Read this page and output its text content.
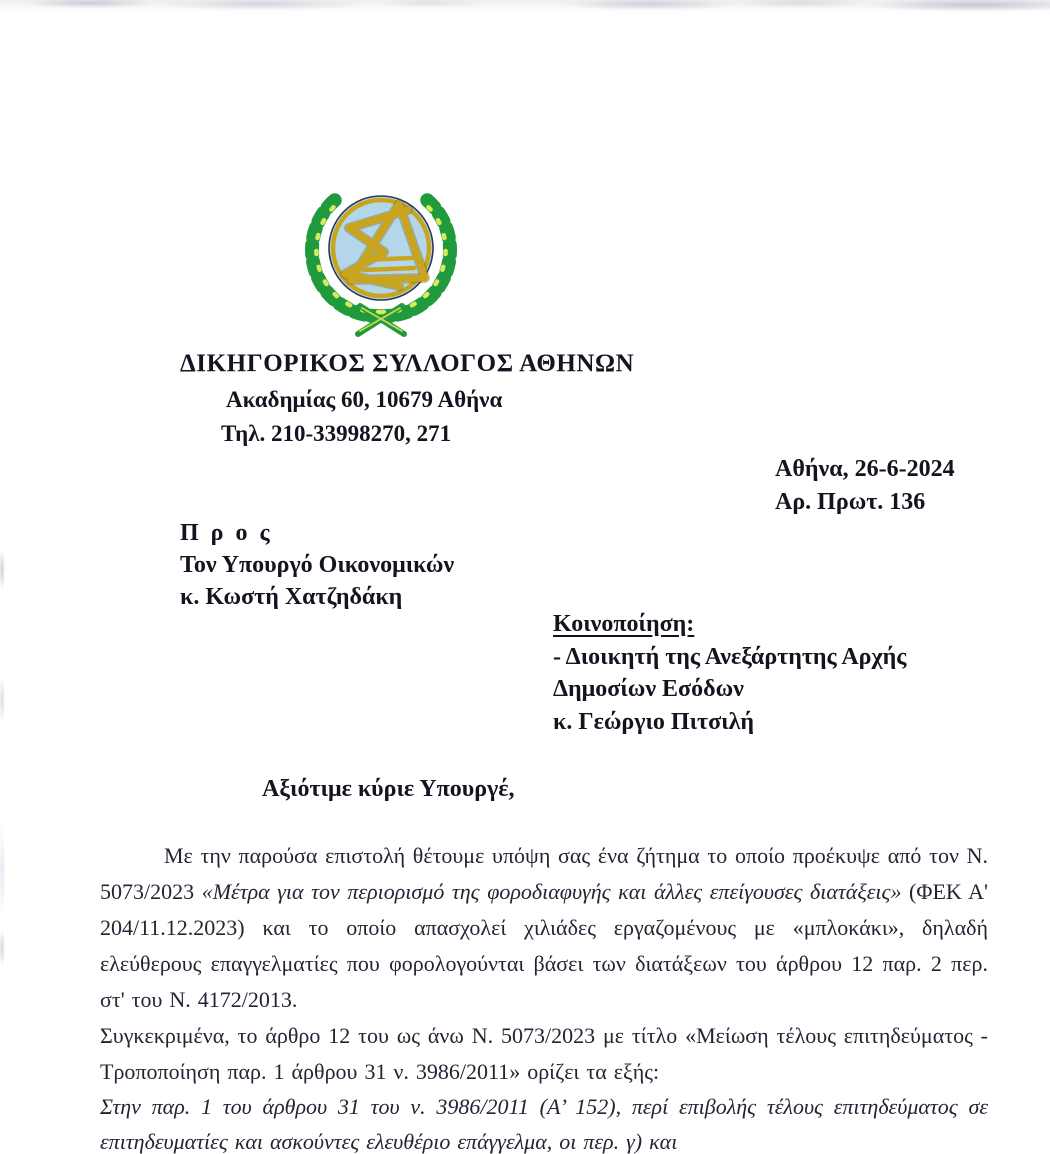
ΔΙΚΗΓΟΡΙΚΟΣ ΣΥΛΛΟΓΟΣ ΑΘΗΝΩΝ
Ακαδημίας 60, 10679 Αθήνα
Τηλ. 210-33998270, 271
Αθήνα, 26-6-2024
Αρ. Πρωτ. 136
Π ρ ο ς
Τον Υπουργό Οικονομικών
κ. Κωστή Χατζηδάκη
Κοινοποίηση:
- Διοικητή της Ανεξάρτητης Αρχής
Δημοσίων Εσόδων
κ. Γεώργιο Πιτσιλή
Αξιότιμε κύριε Υπουργέ,

Με την παρούσα επιστολή θέτουμε υπόψη σας ένα ζήτημα το οποίο προέκυψε από τον Ν. 5073/2023 «Μέτρα για τον περιορισμό της φοροδιαφυγής και άλλες επείγουσες διατάξεις» (ΦΕΚ Α' 204/11.12.2023) και το οποίο απασχολεί χιλιάδες εργαζομένους με «μπλοκάκι», δηλαδή ελεύθερους επαγγελματίες που φορολογούνται βάσει των διατάξεων του άρθρου 12 παρ. 2 περ. στ' του Ν. 4172/2013.

Συγκεκριμένα, το άρθρο 12 του ως άνω Ν. 5073/2023 με τίτλο «Μείωση τέλους επιτηδεύματος - Τροποποίηση παρ. 1 άρθρου 31 ν. 3986/2011» ορίζει τα εξής:

Στην παρ. 1 του άρθρου 31 του ν. 3986/2011 (Α’ 152), περί επιβολής τέλους επιτηδεύματος σε επιτηδευματίες και ασκούντες ελευθέριο επάγγελμα, οι περ. γ) και
